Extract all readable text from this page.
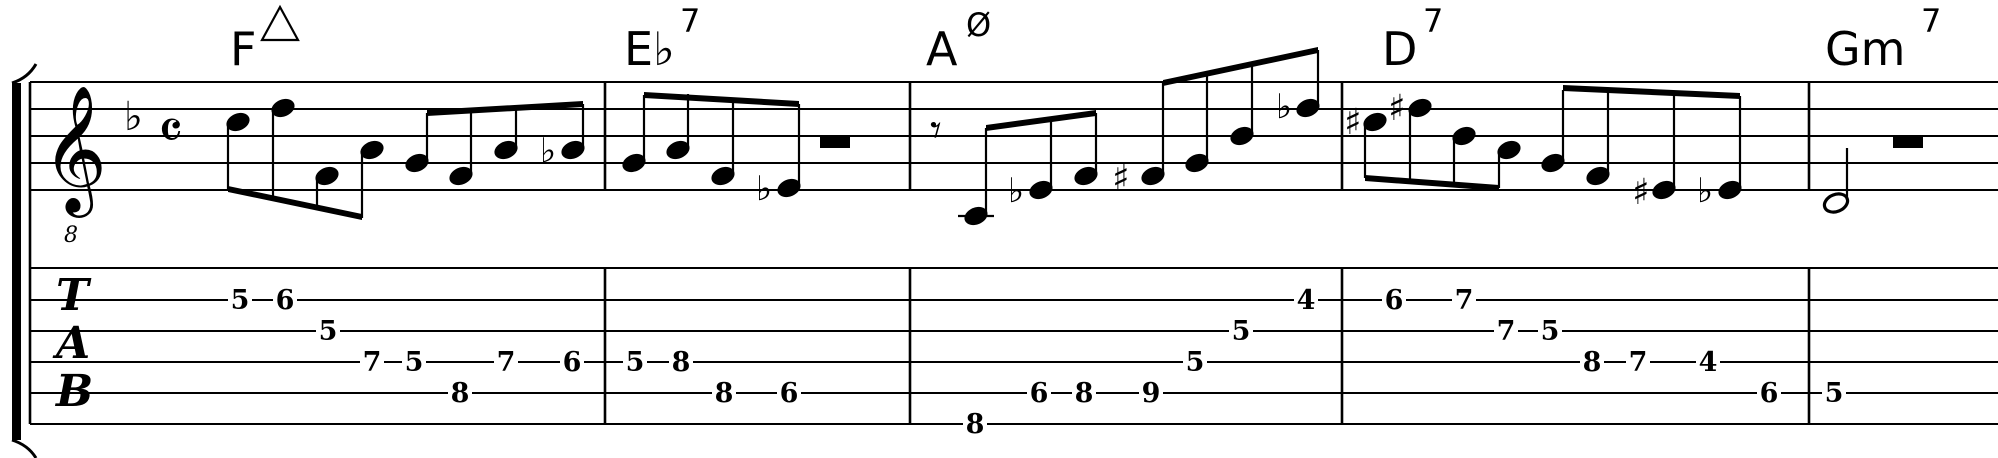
F	E♭
7
A Ø	D
7
Gm
7
𝄞
8
♭ 𝄴
T
A
B
♭
♭
𝄾
♭ ♯
♭ ♯ ♯
♯ ♭
5 6
5
7 5
8
7 6 5 8
8 6
8
6 8 9
5
5
4	6 7
7 5
8 7 4
6 5
